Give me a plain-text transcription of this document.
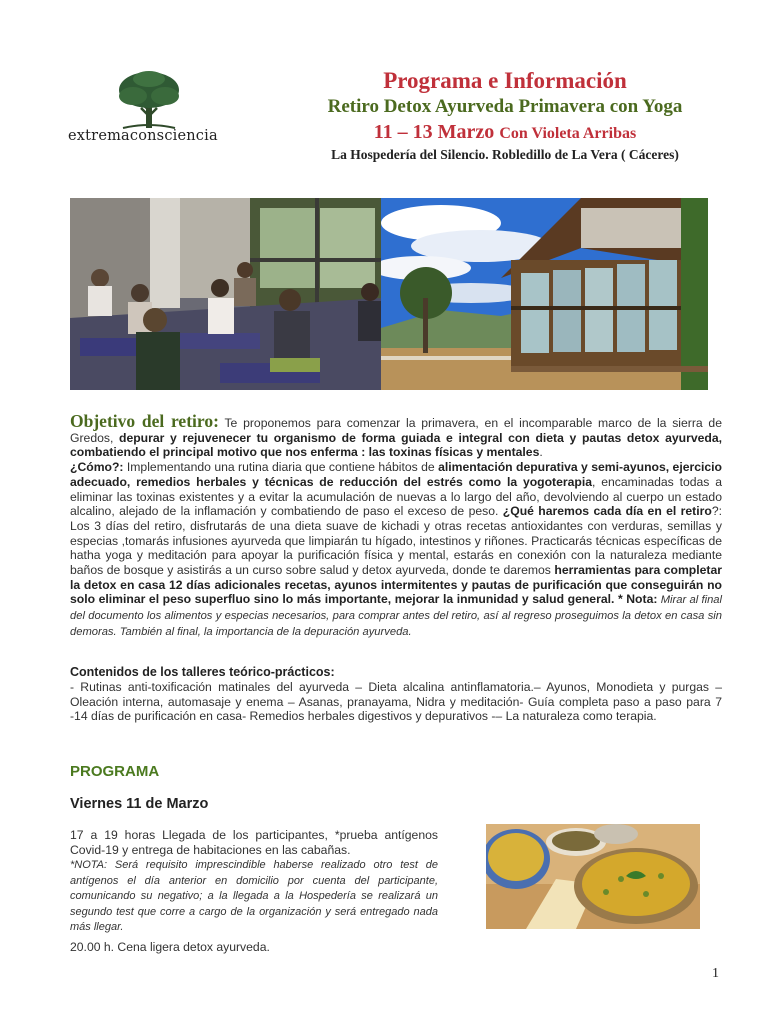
extremaconsciencia
Programa e Información
Retiro Detox Ayurveda Primavera con Yoga
11 – 13 Marzo Con Violeta Arribas
La Hospedería del Silencio. Robledillo de La Vera ( Cáceres)
Objetivo del retiro: Te proponemos para comenzar la primavera, en el incomparable marco de la sierra de Gredos, depurar y rejuvenecer tu organismo de forma guiada e integral con dieta y pautas detox ayurveda, combatiendo el principal motivo que nos enferma : las toxinas físicas y mentales.
¿Cómo?: Implementando una rutina diaria que contiene hábitos de alimentación depurativa y semi-ayunos, ejercicio adecuado, remedios herbales y técnicas de reducción del estrés como la yogoterapia, encaminadas todas a eliminar las toxinas existentes y a evitar la acumulación de nuevas a lo largo del año, devolviendo al cuerpo un estado alcalino, alejado de la inflamación y combatiendo de paso el exceso de peso. ¿Qué haremos cada día en el retiro?: Los 3 días del retiro, disfrutarás de una dieta suave de kichadi y otras recetas antioxidantes con verduras, semillas y especias ,tomarás infusiones ayurveda que limpiarán tu hígado, intestinos y riñones. Practicarás técnicas específicas de hatha yoga y meditación para apoyar la purificación física y mental, estarás en conexión con la naturaleza mediante baños de bosque y asistirás a un curso sobre salud y detox ayurveda, donde te daremos herramientas para completar la detox en casa 12 días adicionales recetas, ayunos intermitentes y pautas de purificación que conseguirán no solo eliminar el peso superfluo sino lo más importante, mejorar la inmunidad y salud general. * Nota: Mirar al final del documento los alimentos y especias necesarios, para comprar antes del retiro, así al regreso proseguimos la detox en casa sin demoras. También al final, la importancia de la depuración ayurveda.
Contenidos de los talleres teórico-prácticos:
- Rutinas anti-toxificación matinales del ayurveda – Dieta alcalina antinflamatoria.– Ayunos, Monodieta y purgas – Oleación interna, automasaje y enema – Asanas, pranayama, Nidra y meditación- Guía completa paso a paso para 7 -14 días de purificación en casa- Remedios herbales digestivos y depurativos -– La naturaleza como terapia.
PROGRAMA
Viernes 11 de Marzo
17 a 19 horas Llegada de los participantes, *prueba antígenos Covid-19 y entrega de habitaciones en las cabañas.
*NOTA: Será requisito imprescindible haberse realizado otro test de antígenos el día anterior en domicilio por cuenta del participante, comunicando su negativo; a la llegada a la Hospedería se realizará un segundo test que corre a cargo de la organización y será entregado nada más llegar.
20.00 h. Cena ligera detox ayurveda.
1
